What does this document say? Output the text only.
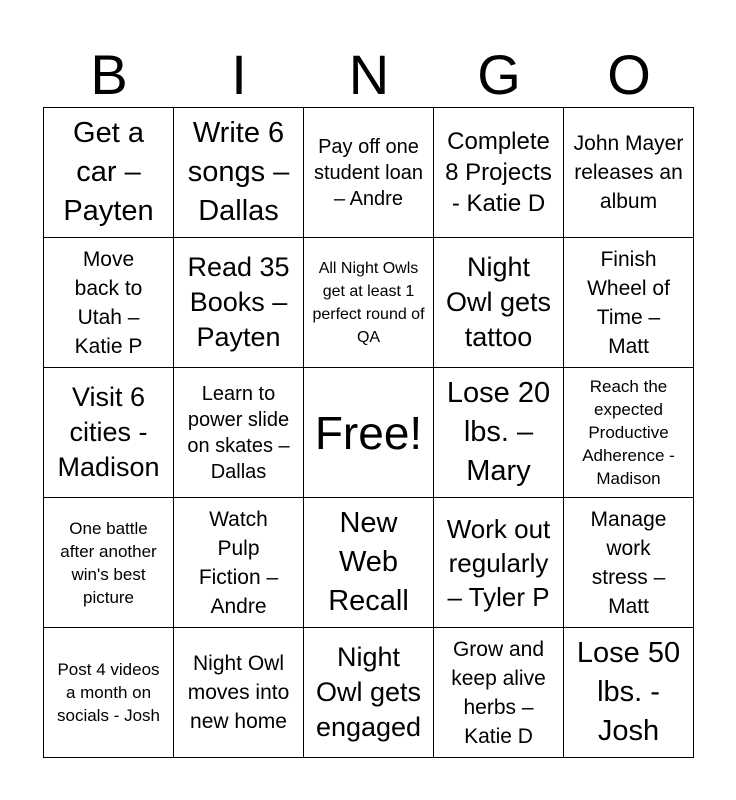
B	I	N	G	O
Get a car – Payten
Write 6 songs – Dallas
Pay off one student loan – Andre
Complete 8 Projects - Katie D
John Mayer releases an album
Move back to Utah – Katie P
Read 35 Books – Payten
All Night Owls get at least 1 perfect round of QA
Night Owl gets tattoo
Finish Wheel of Time – Matt
Visit 6 cities - Madison
Learn to power slide on skates – Dallas
Free!
Lose 20 lbs. – Mary
Reach the expected Productive Adherence - Madison
One battle after another win's best picture
Watch Pulp Fiction – Andre
New Web Recall
Work out regularly – Tyler P
Manage work stress – Matt
Post 4 videos a month on socials - Josh
Night Owl moves into new home
Night Owl gets engaged
Grow and keep alive herbs – Katie D
Lose 50 lbs. - Josh
